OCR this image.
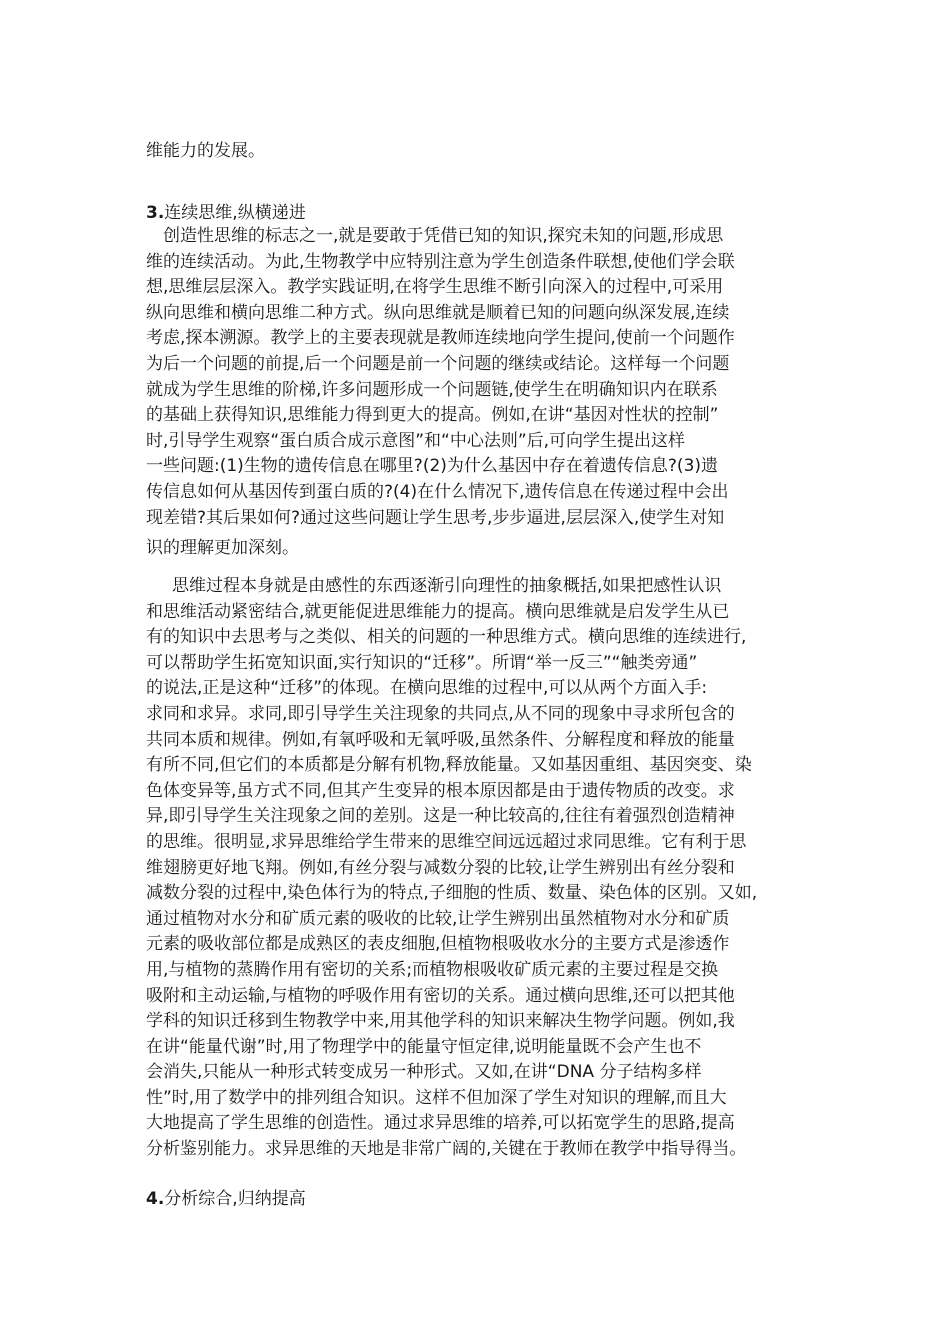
维能力的发展。
3.连续思维,纵横递进
创造性思维的标志之一,就是要敢于凭借已知的知识,探究未知的问题,形成思
维的连续活动。为此,生物教学中应特别注意为学生创造条件联想,使他们学会联
想,思维层层深入。教学实践证明,在将学生思维不断引向深入的过程中,可采用
纵向思维和横向思维二种方式。纵向思维就是顺着已知的问题向纵深发展,连续
考虑,探本溯源。教学上的主要表现就是教师连续地向学生提问,使前一个问题作
为后一个问题的前提,后一个问题是前一个问题的继续或结论。这样每一个问题
就成为学生思维的阶梯,许多问题形成一个问题链,使学生在明确知识内在联系
的基础上获得知识,思维能力得到更大的提高。例如,在讲“基因对性状的控制”
时,引导学生观察“蛋白质合成示意图”和“中心法则”后,可向学生提出这样
一些问题:(1)生物的遗传信息在哪里?(2)为什么基因中存在着遗传信息?(3)遗
传信息如何从基因传到蛋白质的?(4)在什么情况下,遗传信息在传递过程中会出
现差错?其后果如何?通过这些问题让学生思考,步步逼进,层层深入,使学生对知
识的理解更加深刻。
思维过程本身就是由感性的东西逐渐引向理性的抽象概括,如果把感性认识
和思维活动紧密结合,就更能促进思维能力的提高。横向思维就是启发学生从已
有的知识中去思考与之类似、相关的问题的一种思维方式。横向思维的连续进行,
可以帮助学生拓宽知识面,实行知识的“迁移”。所谓“举一反三”“触类旁通”
的说法,正是这种“迁移”的体现。在横向思维的过程中,可以从两个方面入手:
求同和求异。求同,即引导学生关注现象的共同点,从不同的现象中寻求所包含的
共同本质和规律。例如,有氧呼吸和无氧呼吸,虽然条件、分解程度和释放的能量
有所不同,但它们的本质都是分解有机物,释放能量。又如基因重组、基因突变、染
色体变异等,虽方式不同,但其产生变异的根本原因都是由于遗传物质的改变。求
异,即引导学生关注现象之间的差别。这是一种比较高的,往往有着强烈创造精神
的思维。很明显,求异思维给学生带来的思维空间远远超过求同思维。它有利于思
维翅膀更好地飞翔。例如,有丝分裂与减数分裂的比较,让学生辨别出有丝分裂和
减数分裂的过程中,染色体行为的特点,子细胞的性质、数量、染色体的区别。又如,
通过植物对水分和矿质元素的吸收的比较,让学生辨别出虽然植物对水分和矿质
元素的吸收部位都是成熟区的表皮细胞,但植物根吸收水分的主要方式是渗透作
用,与植物的蒸腾作用有密切的关系;而植物根吸收矿质元素的主要过程是交换
吸附和主动运输,与植物的呼吸作用有密切的关系。通过横向思维,还可以把其他
学科的知识迁移到生物教学中来,用其他学科的知识来解决生物学问题。例如,我
在讲“能量代谢”时,用了物理学中的能量守恒定律,说明能量既不会产生也不
会消失,只能从一种形式转变成另一种形式。又如,在讲“DNA 分子结构多样
性”时,用了数学中的排列组合知识。这样不但加深了学生对知识的理解,而且大
大地提高了学生思维的创造性。通过求异思维的培养,可以拓宽学生的思路,提高
分析鉴别能力。求异思维的天地是非常广阔的,关键在于教师在教学中指导得当。
4.分析综合,归纳提高
